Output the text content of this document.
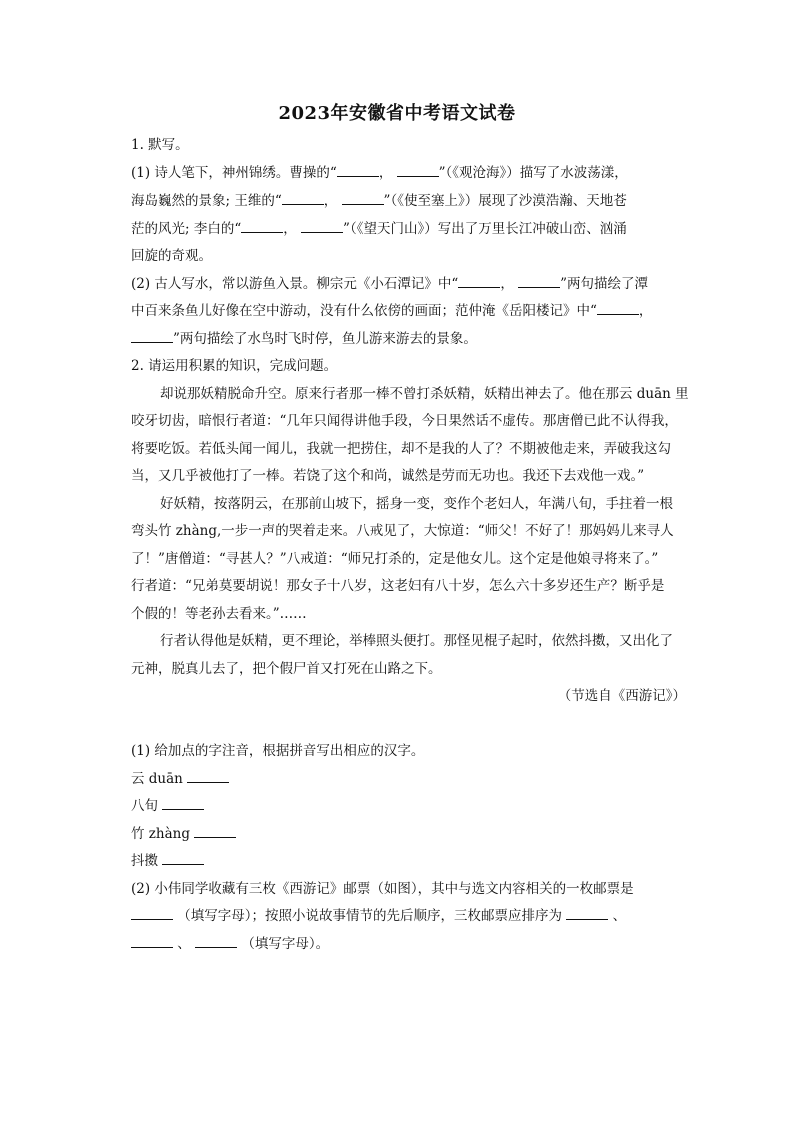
2023年安徽省中考语文试卷
1. 默写。
(1) 诗人笔下，神州锦绣。曹操的“	，	”（《观沧海》）描写了水波荡漾，
海岛巍然的景象; 王维的“	，	”（《使至塞上》）展现了沙漠浩瀚、天地苍
茫的风光; 李白的“	，	”（《望天门山》）写出了万里长江冲破山峦、汹涌
回旋的奇观。
(2) 古人写水，常以游鱼入景。柳宗元《小石潭记》中“	，	”两句描绘了潭
中百来条鱼儿好像在空中游动，没有什么依傍的画面；范仲淹《岳阳楼记》中“	，
”两句描绘了水鸟时飞时停，鱼儿游来游去的景象。
2. 请运用积累的知识，完成问题。
却说那妖精脱命升空。原来行者那一棒不曾打杀妖精，妖精出神去了。他在那云 duān 里
咬牙切齿，暗恨行者道：“几年只闻得讲他手段，今日果然话不虚传。那唐僧已此不认得我，
将要吃饭。若低头闻一闻儿，我就一把捞住，却不是我的人了？不期被他走来，弄破我这勾
当，又几乎被他打了一棒。若饶了这个和尚，诚然是劳而无功也。我还下去戏他一戏。”
好妖精，按落阴云，在那前山坡下，摇身一变，变作个老妇人，年满八旬，手拄着一根
弯头竹 zhàng,一步一声的哭着走来。八戒见了，大惊道：“师父！不好了！那妈妈儿来寻人
了！”唐僧道：“寻甚人？”八戒道：“师兄打杀的，定是他女儿。这个定是他娘寻将来了。”
行者道：“兄弟莫要胡说！那女子十八岁，这老妇有八十岁，怎么六十多岁还生产？断乎是
个假的！等老孙去看来。”……
行者认得他是妖精，更不理论，举棒照头便打。那怪见棍子起时，依然抖擞，又出化了
元神，脱真儿去了，把个假尸首又打死在山路之下。
（节选自《西游记》）
(1) 给加点的字注音，根据拼音写出相应的汉字。
云 duān
八旬
竹 zhàng
抖擞
(2) 小伟同学收藏有三枚《西游记》邮票（如图），其中与选文内容相关的一枚邮票是
（填写字母）；按照小说故事情节的先后顺序，三枚邮票应排序为	、
、	（填写字母）。
